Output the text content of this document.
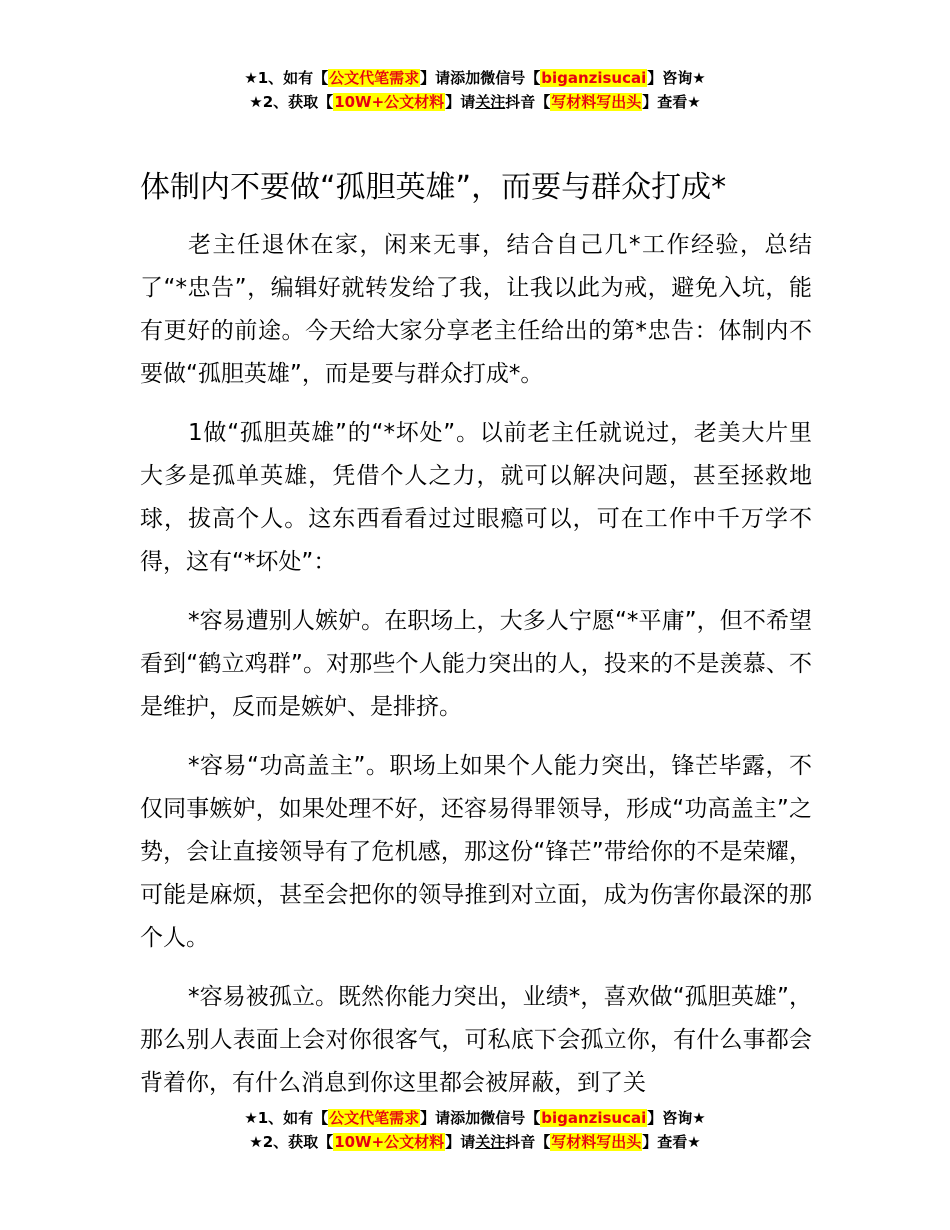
★1、如有【公文代笔需求】请添加微信号【biganzisucai】咨询★
★2、获取【10W+公文材料】请关注抖音【写材料写出头】查看★
体制内不要做“孤胆英雄”，而要与群众打成*

老主任退休在家，闲来无事，结合自己几*工作经验，总结了“*忠告”，编辑好就转发给了我，让我以此为戒，避免入坑，能有更好的前途。今天给大家分享老主任给出的第*忠告：体制内不要做“孤胆英雄”，而是要与群众打成*。

1做“孤胆英雄”的“*坏处”。以前老主任就说过，老美大片里大多是孤单英雄，凭借个人之力，就可以解决问题，甚至拯救地球，拔高个人。这东西看看过过眼瘾可以，可在工作中千万学不得，这有“*坏处”：

*容易遭别人嫉妒。在职场上，大多人宁愿“*平庸”，但不希望看到“鹤立鸡群”。对那些个人能力突出的人，投来的不是羡慕、不是维护，反而是嫉妒、是排挤。

*容易“功高盖主”。职场上如果个人能力突出，锋芒毕露，不仅同事嫉妒，如果处理不好，还容易得罪领导，形成“功高盖主”之势，会让直接领导有了危机感，那这份“锋芒”带给你的不是荣耀，可能是麻烦，甚至会把你的领导推到对立面，成为伤害你最深的那个人。

*容易被孤立。既然你能力突出，业绩*，喜欢做“孤胆英雄”，那么别人表面上会对你很客气，可私底下会孤立你，有什么事都会背着你，有什么消息到你这里都会被屏蔽，到了关

★1、如有【公文代笔需求】请添加微信号【biganzisucai】咨询★
★2、获取【10W+公文材料】请关注抖音【写材料写出头】查看★
